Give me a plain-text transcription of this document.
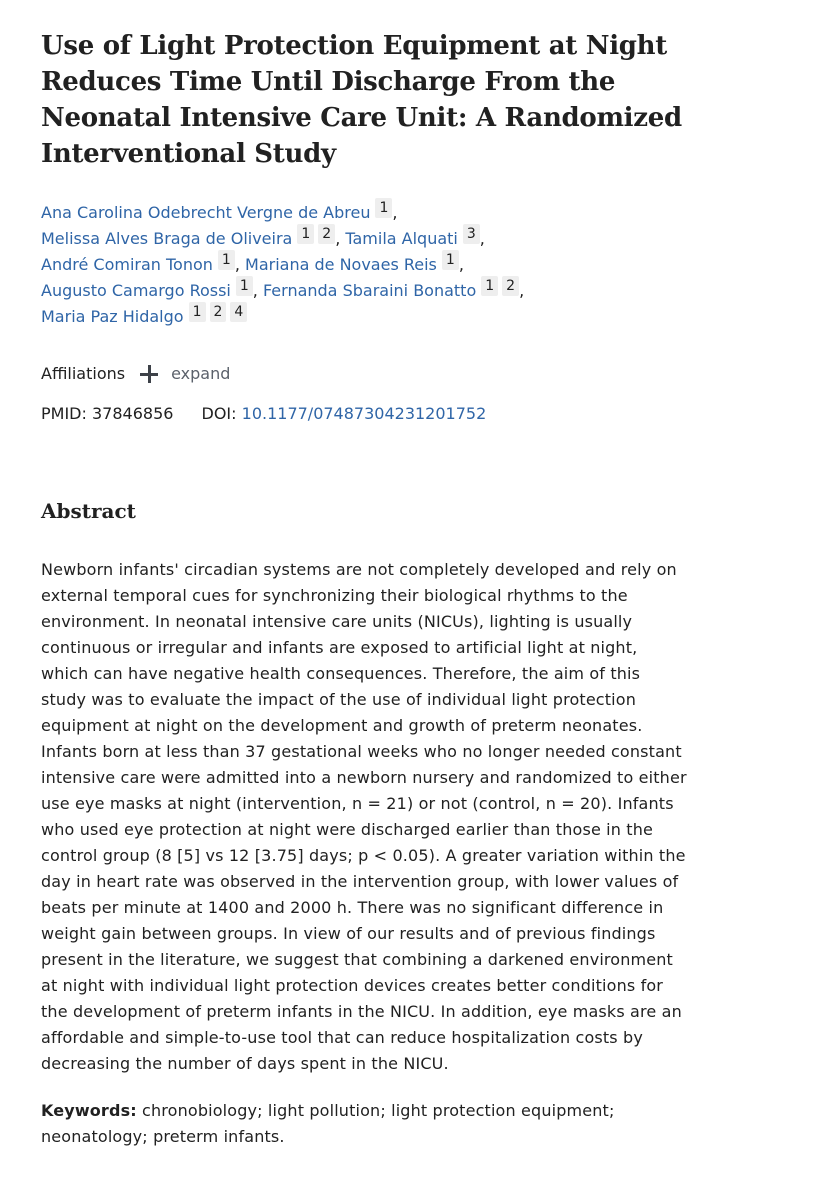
Use of Light Protection Equipment at Night Reduces Time Until Discharge From the Neonatal Intensive Care Unit: A Randomized Interventional Study
Ana Carolina Odebrecht Vergne de Abreu 1 ,
Melissa Alves Braga de Oliveira 1 2 , Tamila Alquati 3 ,
André Comiran Tonon 1 , Mariana de Novaes Reis 1 ,
Augusto Camargo Rossi 1 , Fernanda Sbaraini Bonatto 1 2 ,
Maria Paz Hidalgo 1 2 4
Affiliations	expand
PMID: 37846856 DOI: 10.1177/07487304231201752
Abstract
Newborn infants' circadian systems are not completely developed and rely on
external temporal cues for synchronizing their biological rhythms to the
environment. In neonatal intensive care units (NICUs), lighting is usually
continuous or irregular and infants are exposed to artificial light at night,
which can have negative health consequences. Therefore, the aim of this
study was to evaluate the impact of the use of individual light protection
equipment at night on the development and growth of preterm neonates.
Infants born at less than 37 gestational weeks who no longer needed constant
intensive care were admitted into a newborn nursery and randomized to either
use eye masks at night (intervention, n = 21) or not (control, n = 20). Infants
who used eye protection at night were discharged earlier than those in the
control group (8 [5] vs 12 [3.75] days; p < 0.05). A greater variation within the
day in heart rate was observed in the intervention group, with lower values of
beats per minute at 1400 and 2000 h. There was no significant difference in
weight gain between groups. In view of our results and of previous findings
present in the literature, we suggest that combining a darkened environment
at night with individual light protection devices creates better conditions for
the development of preterm infants in the NICU. In addition, eye masks are an
affordable and simple-to-use tool that can reduce hospitalization costs by
decreasing the number of days spent in the NICU.
Keywords: chronobiology; light pollution; light protection equipment;
neonatology; preterm infants.
